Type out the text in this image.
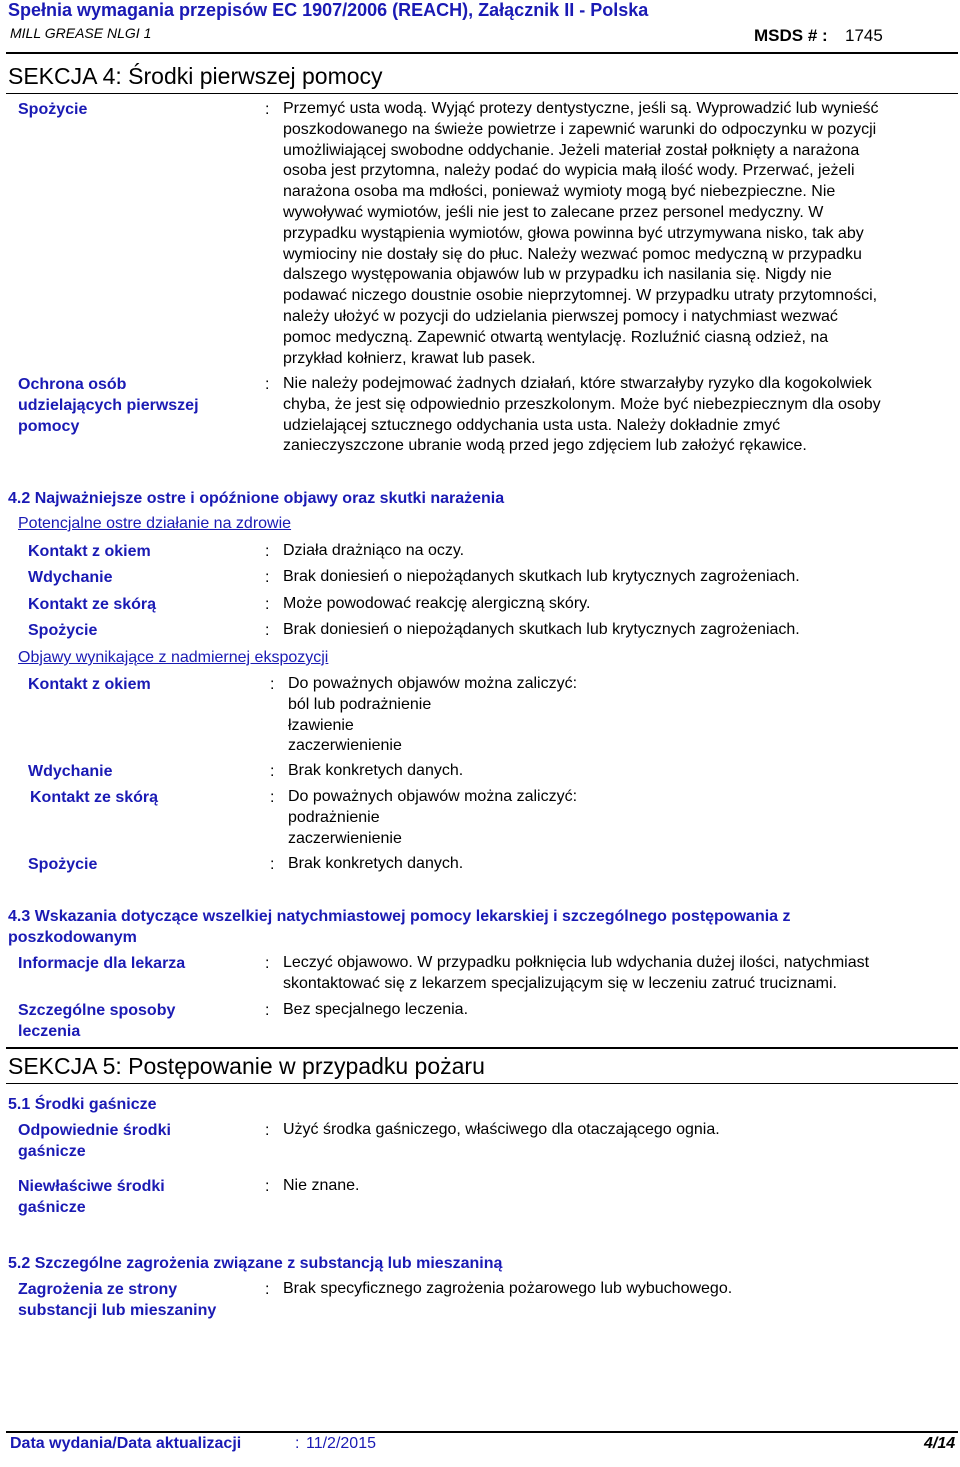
Spełnia wymagania przepisów EC 1907/2006 (REACH), Załącznik II - Polska
MILL GREASE NLGI 1	MSDS # : 1745
SEKCJA 4: Środki pierwszej pomocy
Spożycie	: Przemyć usta wodą. Wyjąć protezy dentystyczne, jeśli są. Wyprowadzić lub wynieść
poszkodowanego na świeże powietrze i zapewnić warunki do odpoczynku w pozycji
umożliwiającej swobodne oddychanie. Jeżeli materiał został połknięty a narażona
osoba jest przytomna, należy podać do wypicia małą ilość wody. Przerwać, jeżeli
narażona osoba ma mdłości, ponieważ wymioty mogą być niebezpieczne. Nie
wywoływać wymiotów, jeśli nie jest to zalecane przez personel medyczny. W
przypadku wystąpienia wymiotów, głowa powinna być utrzymywana nisko, tak aby
wymiociny nie dostały się do płuc. Należy wezwać pomoc medyczną w przypadku
dalszego występowania objawów lub w przypadku ich nasilania się. Nigdy nie
podawać niczego doustnie osobie nieprzytomnej. W przypadku utraty przytomności,
należy ułożyć w pozycji do udzielania pierwszej pomocy i natychmiast wezwać
pomoc medyczną. Zapewnić otwartą wentylację. Rozluźnić ciasną odzież, na
przykład kołnierz, krawat lub pasek.
Ochrona osób
udzielających pierwszej
pomocy
: Nie należy podejmować żadnych działań, które stwarzałyby ryzyko dla kogokolwiek
chyba, że jest się odpowiednio przeszkolonym. Może być niebezpiecznym dla osoby
udzielającej sztucznego oddychania usta usta. Należy dokładnie zmyć
zanieczyszczone ubranie wodą przed jego zdjęciem lub założyć rękawice.
4.2 Najważniejsze ostre i opóźnione objawy oraz skutki narażenia
Potencjalne ostre działanie na zdrowie
Kontakt z okiem	: Działa drażniąco na oczy.
Wdychanie	: Brak doniesień o niepożądanych skutkach lub krytycznych zagrożeniach.
Kontakt ze skórą	: Może powodować reakcję alergiczną skóry.
Spożycie	: Brak doniesień o niepożądanych skutkach lub krytycznych zagrożeniach.
Objawy wynikające z nadmiernej ekspozycji
Kontakt z okiem	: Do poważnych objawów można zaliczyć:
ból lub podrażnienie
łzawienie
zaczerwienienie
Wdychanie	: Brak konkretych danych.
Kontakt ze skórą	: Do poważnych objawów można zaliczyć:
podrażnienie
zaczerwienienie
Spożycie	: Brak konkretych danych.
4.3 Wskazania dotyczące wszelkiej natychmiastowej pomocy lekarskiej i szczególnego postępowania z
poszkodowanym
Informacje dla lekarza	: Leczyć objawowo. W przypadku połknięcia lub wdychania dużej ilości, natychmiast
skontaktować się z lekarzem specjalizującym się w leczeniu zatruć truciznami.
Szczególne sposoby
leczenia
: Bez specjalnego leczenia.
SEKCJA 5: Postępowanie w przypadku pożaru
5.1 Środki gaśnicze
Odpowiednie środki
gaśnicze
: Użyć środka gaśniczego, właściwego dla otaczającego ognia.
Niewłaściwe środki
gaśnicze
: Nie znane.
5.2 Szczególne zagrożenia związane z substancją lub mieszaniną
Zagrożenia ze strony
substancji lub mieszaniny
: Brak specyficznego zagrożenia pożarowego lub wybuchowego.
Data wydania/Data aktualizacji	: 11/2/2015	4/14
